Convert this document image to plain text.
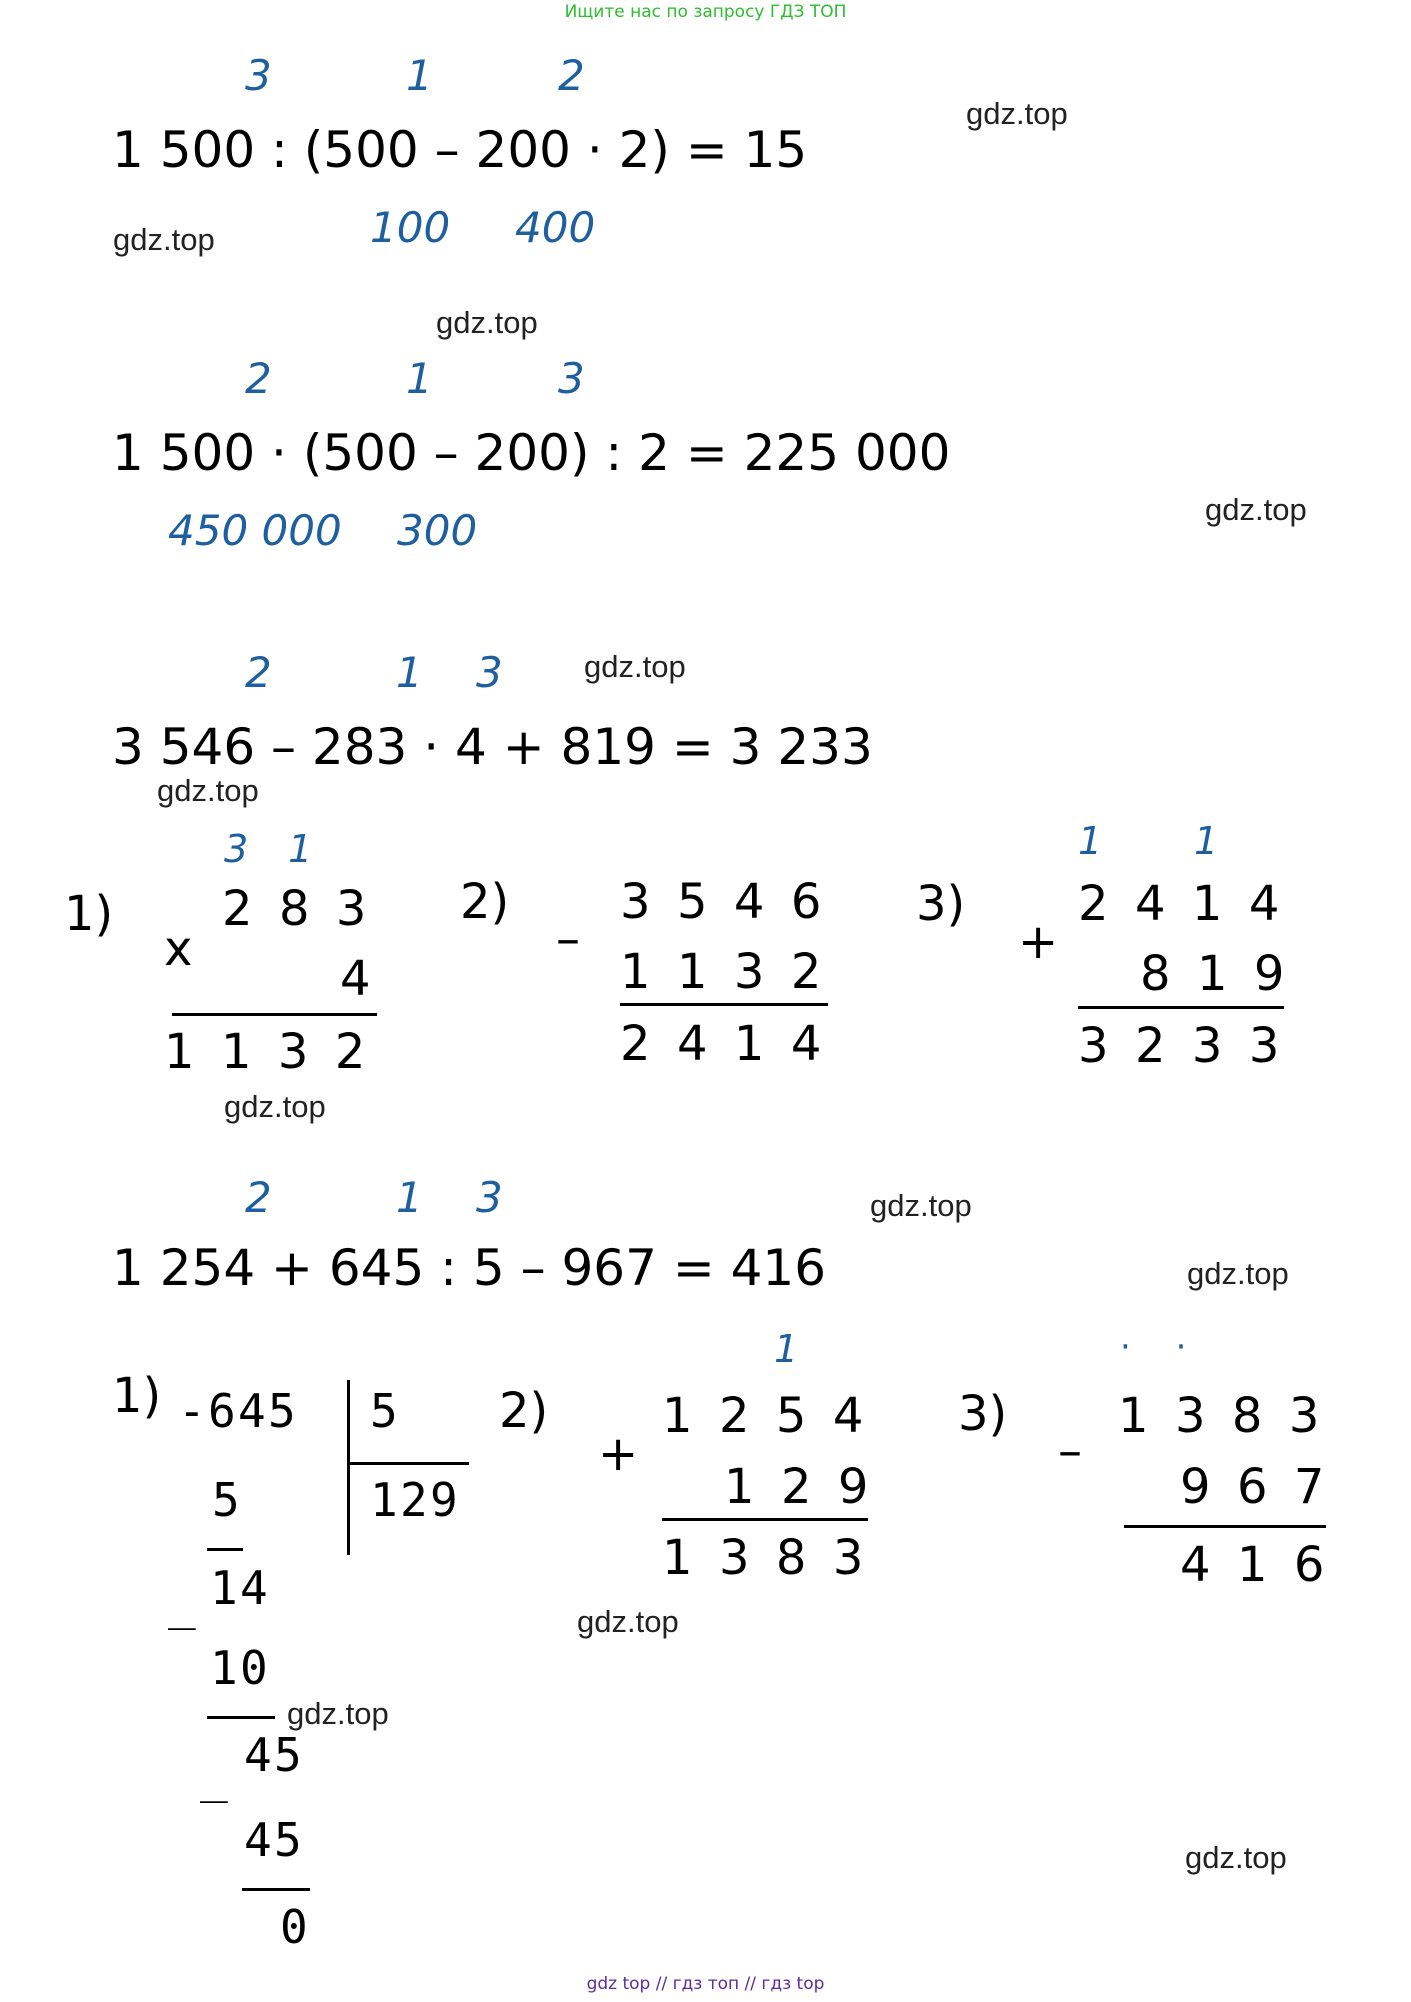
Ищите нас по запросу ГДЗ ТОП
3	1	2
1 500 : (500 – 200 · 2) = 15
100 400
gdz.top
gdz.top
gdz.top
2	1	3
1 500 · (500 – 200) : 2 = 225 000
450 000 300	gdz.top
2	1 3	gdz.top
3 546 – 283 · 4 + 819 = 3 233
gdz.top
1)
31
x
283
4
1132
gdz.top
2)
–
3546
1132
2414
3)
1 1
+
2414
819
3233
2	1 3	gdz.top
1 254 + 645 : 5 – 967 = 416	gdz.top
1) - 645 5
129
5
14
_
10
45
_
45
0
gdz.top
2)
1
+
1254
129
1383
gdz.top
3)
· ·
–
1383
967
416
gdz.top
gdz top // гдз топ // гдз top
